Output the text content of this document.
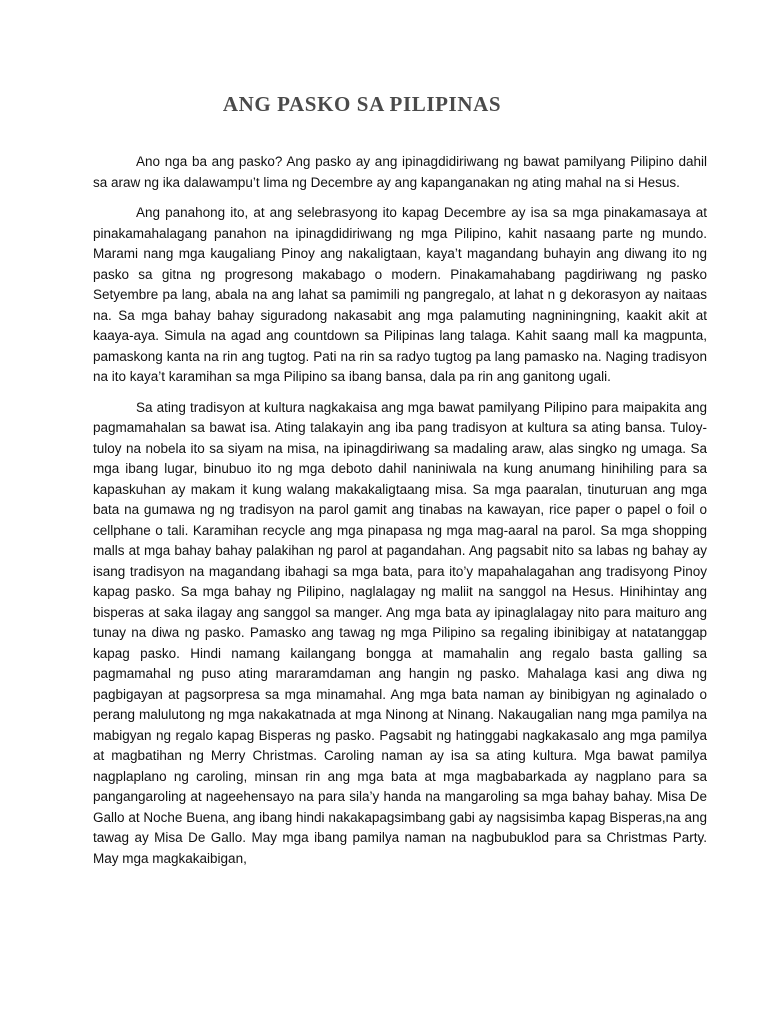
ANG PASKO SA PILIPINAS

Ano nga ba ang pasko? Ang pasko ay ang ipinagdidiriwang ng bawat pamilyang Pilipino dahil sa araw ng ika dalawampu’t lima ng Decembre ay ang kapanganakan ng ating mahal na si Hesus.

Ang panahong ito, at ang selebrasyong ito kapag Decembre ay isa sa mga pinakamasaya at pinakamahalagang panahon na ipinagdidiriwang ng mga Pilipino, kahit nasaang parte ng mundo. Marami nang mga kaugaliang Pinoy ang nakaligtaan, kaya’t magandang buhayin ang diwang ito ng pasko sa gitna ng progresong makabago o modern. Pinakamahabang pagdiriwang ng pasko Setyembre pa lang, abala na ang lahat sa pamimili ng pangregalo, at lahat n g dekorasyon ay naitaas na. Sa mga bahay bahay siguradong nakasabit ang mga palamuting nagniningning, kaakit akit at kaaya-aya. Simula na agad ang countdown sa Pilipinas lang talaga. Kahit saang mall ka magpunta, pamaskong kanta na rin ang tugtog. Pati na rin sa radyo tugtog pa lang pamasko na. Naging tradisyon na ito kaya’t karamihan sa mga Pilipino sa ibang bansa, dala pa rin ang ganitong ugali.

Sa ating tradisyon at kultura nagkakaisa ang mga bawat pamilyang Pilipino para maipakita ang pagmamahalan sa bawat isa. Ating talakayin ang iba pang tradisyon at kultura sa ating bansa. Tuloy-tuloy na nobela ito sa siyam na misa, na ipinagdiriwang sa madaling araw, alas singko ng umaga. Sa mga ibang lugar, binubuo ito ng mga deboto dahil naniniwala na kung anumang hinihiling para sa kapaskuhan ay makam it kung walang makakaligtaang misa. Sa mga paaralan, tinuturuan ang mga bata na gumawa ng ng tradisyon na parol gamit ang tinabas na kawayan, rice paper o papel o foil o cellphane o tali. Karamihan recycle ang mga pinapasa ng mga mag-aaral na parol. Sa mga shopping malls at mga bahay bahay palakihan ng parol at pagandahan. Ang pagsabit nito sa labas ng bahay ay isang tradisyon na magandang ibahagi sa mga bata, para ito’y mapahalagahan ang tradisyong Pinoy kapag pasko. Sa mga bahay ng Pilipino, naglalagay ng maliit na sanggol na Hesus. Hinihintay ang bisperas at saka ilagay ang sanggol sa manger. Ang mga bata ay ipinaglalagay nito para maituro ang tunay na diwa ng pasko. Pamasko ang tawag ng mga Pilipino sa regaling ibinibigay at natatanggap kapag pasko. Hindi namang kailangang bongga at mamahalin ang regalo basta galling sa pagmamahal ng puso ating mararamdaman ang hangin ng pasko. Mahalaga kasi ang diwa ng pagbigayan at pagsorpresa sa mga minamahal. Ang mga bata naman ay binibigyan ng aginalado o perang malulutong ng mga nakakatnada at mga Ninong at Ninang. Nakaugalian nang mga pamilya na mabigyan ng regalo kapag Bisperas ng pasko. Pagsabit ng hatinggabi nagkakasalo ang mga pamilya at magbatihan ng Merry Christmas. Caroling naman ay isa sa ating kultura. Mga bawat pamilya nagplaplano ng caroling, minsan rin ang mga bata at mga magbabarkada ay nagplano para sa pangangaroling at nageehensayo na para sila’y handa na mangaroling sa mga bahay bahay. Misa De Gallo at Noche Buena, ang ibang hindi nakakapagsimbang gabi ay nagsisimba kapag Bisperas,na ang tawag ay Misa De Gallo. May mga ibang pamilya naman na nagbubuklod para sa Christmas Party. May mga magkakaibigan,
